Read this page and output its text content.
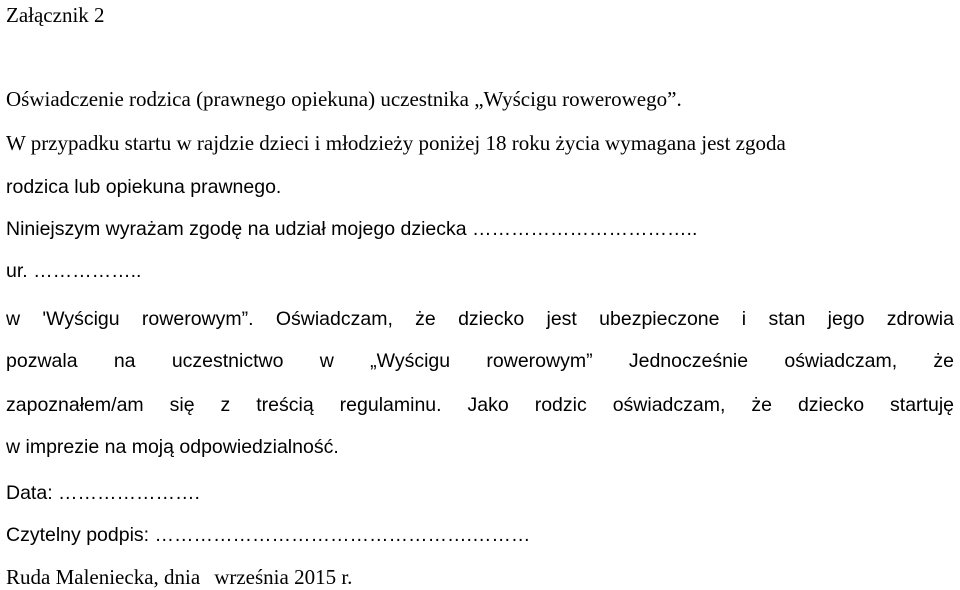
Załącznik 2
Oświadczenie rodzica (prawnego opiekuna) uczestnika „Wyścigu rowerowego”.
W przypadku startu w rajdzie dzieci i młodzieży poniżej 18 roku życia wymagana jest zgoda
rodzica lub opiekuna prawnego.
Niniejszym wyrażam zgodę na udział mojego dziecka ……………………………..
ur. ……………..
w 'Wyścigu rowerowym”. Oświadczam, że dziecko jest ubezpieczone i stan jego zdrowia
pozwala na uczestnictwo w „Wyścigu rowerowym” Jednocześnie oświadczam, że
zapoznałem/am się z treścią regulaminu. Jako rodzic oświadczam, że dziecko startuję
w imprezie na moją odpowiedzialność.
Data: ………………….
Czytelny podpis: ………………………………………….………
Ruda Maleniecka, dnia września 2015 r.
